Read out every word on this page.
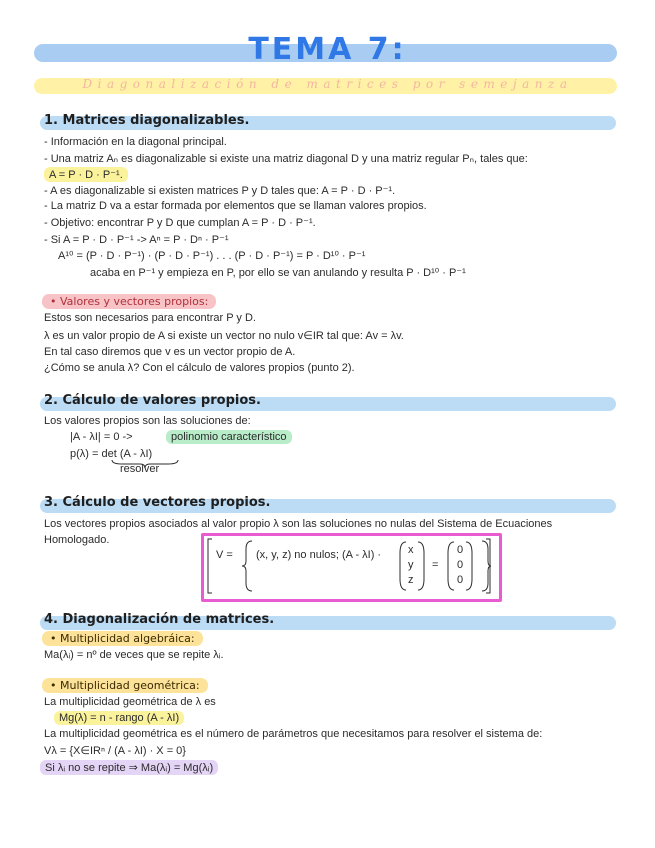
TEMA 7:
Diagonalización de matrices por semejanza
1. Matrices diagonalizables.
- Información en la diagonal principal.
- Una matriz Aₙ es diagonalizable si existe una matriz diagonal D y una matriz regular Pₙ, tales que:
A = P · D · P⁻¹.
- A es diagonalizable si existen matrices P y D tales que: A = P · D · P⁻¹.
- La matriz D va a estar formada por elementos que se llaman valores propios.
- Objetivo: encontrar P y D que cumplan A = P · D · P⁻¹.
- Si A = P · D · P⁻¹ -> Aⁿ = P · Dⁿ · P⁻¹
A¹⁰ = (P · D · P⁻¹) · (P · D · P⁻¹) . . . (P · D · P⁻¹) = P · D¹⁰ · P⁻¹
acaba en P⁻¹ y empieza en P, por ello se van anulando y resulta P · D¹⁰ · P⁻¹
• Valores y vectores propios:
Estos son necesarios para encontrar P y D.
λ es un valor propio de A si existe un vector no nulo v∈IR tal que: Av = λv.
En tal caso diremos que v es un vector propio de A.
¿Cómo se anula λ? Con el cálculo de valores propios (punto 2).
2. Cálculo de valores propios.
Los valores propios son las soluciones de:
|A - λI| = 0 ->	polinomio característico
p(λ) = det (A - λI)
resolver
3. Cálculo de vectores propios.
Los vectores propios asociados al valor propio λ son las soluciones no nulas del Sistema de Ecuaciones
Homologado.
V = (x, y, z) no nulos; (A - λI) · x
y
z
=
0
0
0
4. Diagonalización de matrices.
• Multiplicidad algebráica:
Ma(λᵢ) = nº de veces que se repite λᵢ.
• Multiplicidad geométrica:
La multiplicidad geométrica de λ es
Mg(λ) = n - rango (A - λI)
La multiplicidad geométrica es el número de parámetros que necesitamos para resolver el sistema de:
Vλ = {X∈IRⁿ / (A - λI) · X = 0}
Si λᵢ no se repite ⇒ Ma(λᵢ) = Mg(λᵢ)
